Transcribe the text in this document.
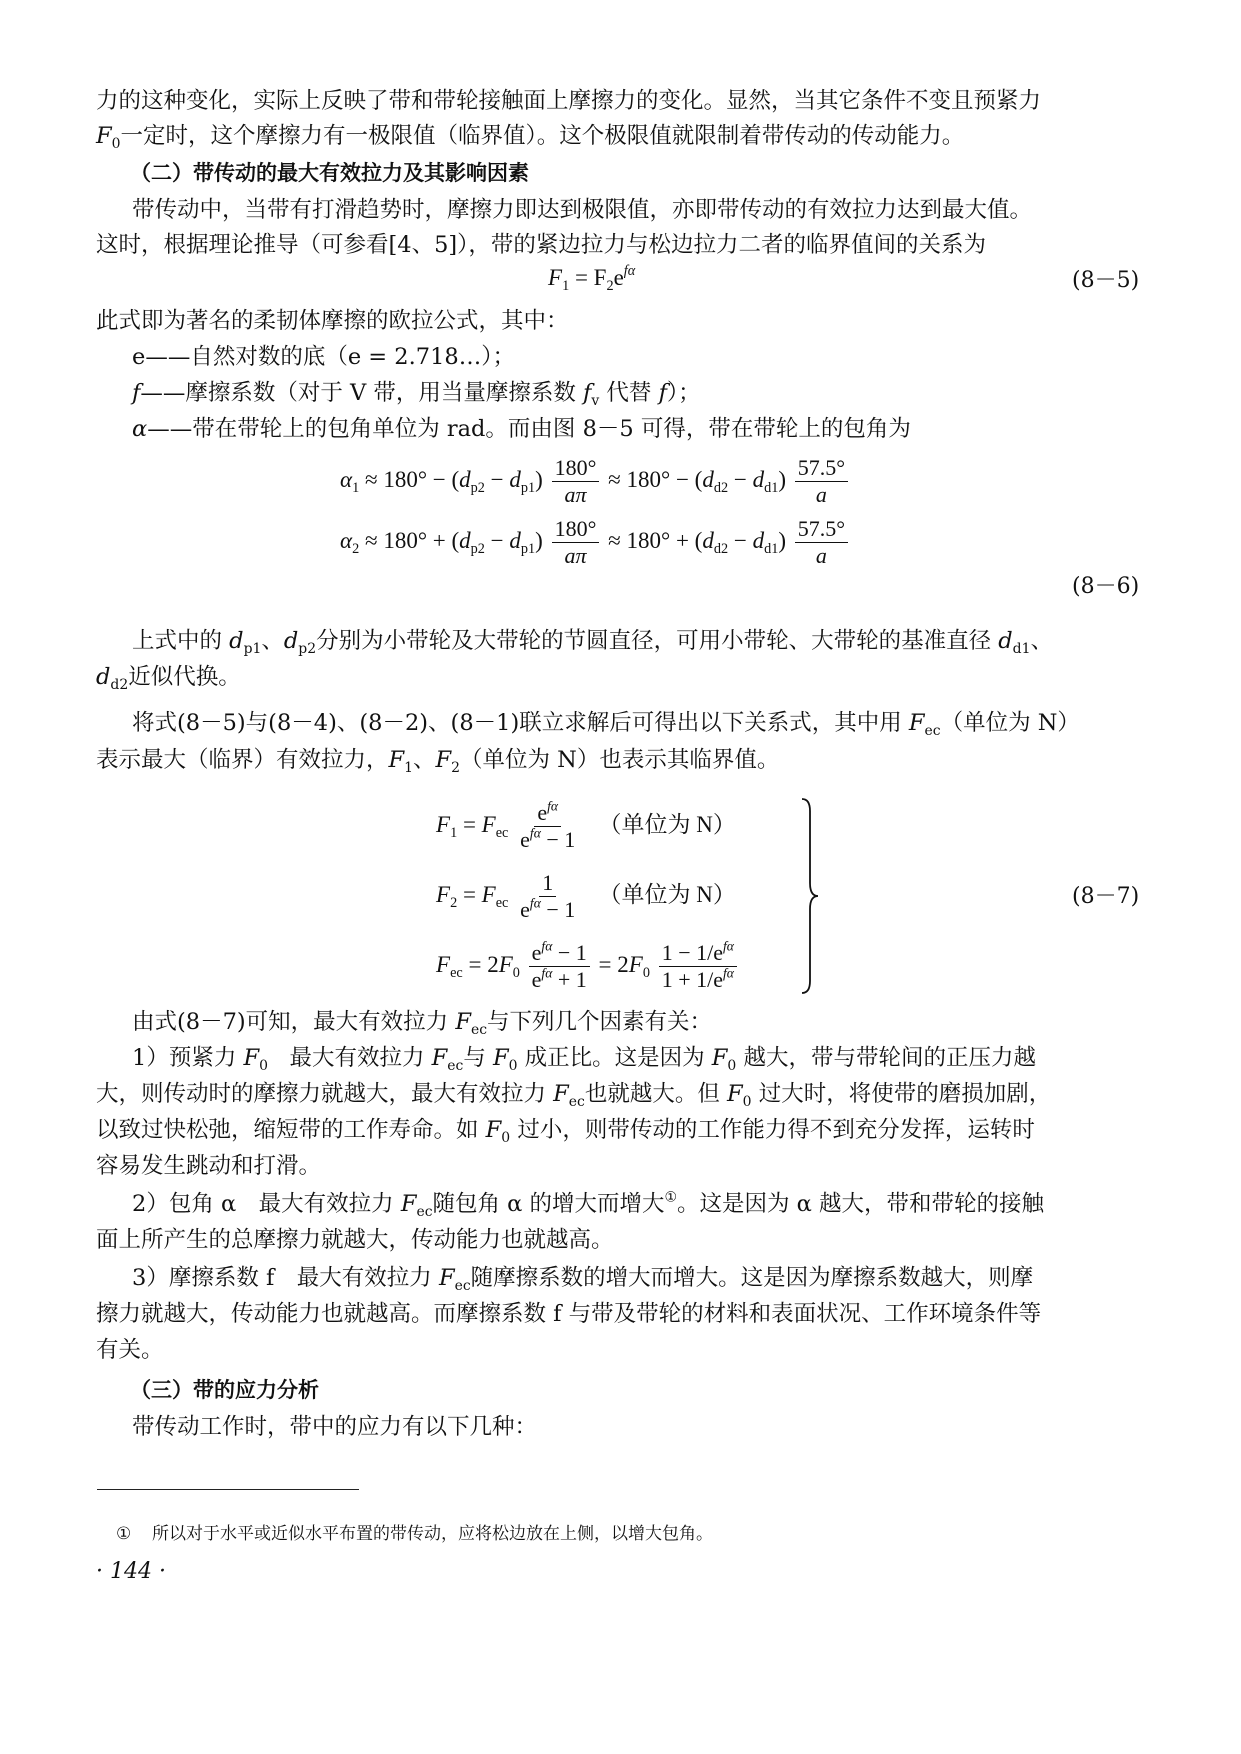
力的这种变化，实际上反映了带和带轮接触面上摩擦力的变化。显然，当其它条件不变且预紧力
$F_0$一定时，这个摩擦力有一极限值（临界值）。这个极限值就限制着带传动的传动能力。
（二）带传动的最大有效拉力及其影响因素
带传动中，当带有打滑趋势时，摩擦力即达到极限值，亦即带传动的有效拉力达到最大值。
这时，根据理论推导（可参看[4、5]），带的紧边拉力与松边拉力二者的临界值间的关系为
$F_1 = F_2e^{f\alpha}$	(8－5)
此式即为著名的柔韧体摩擦的欧拉公式，其中：
e——自然对数的底（e = 2.718…）；
f——摩擦系数（对于 V 带，用当量摩擦系数 $f_v$ 代替 f）；
α——带在带轮上的包角单位为 rad。而由图 8－5 可得，带在带轮上的包角为
$\alpha_1 \approx 180^\circ - (d_{p2} - d_{p1}) \frac{180^\circ}{a\pi} \approx 180^\circ - (d_{d2} - d_{d1}) \frac{57.5^\circ}{a}$
$\alpha_2 \approx 180^\circ + (d_{p2} - d_{p1}) \frac{180^\circ}{a\pi} \approx 180^\circ + (d_{d2} - d_{d1}) \frac{57.5^\circ}{a}$
(8－6)
上式中的 $d_{p1}$、$d_{p2}$分别为小带轮及大带轮的节圆直径，可用小带轮、大带轮的基准直径 $d_{d1}$、
$d_{d2}$近似代换。
将式(8－5)与(8－4)、(8－2)、(8－1)联立求解后可得出以下关系式，其中用 $F_{ec}$（单位为 N）
表示最大（临界）有效拉力，$F_1$、$F_2$（单位为 N）也表示其临界值。
$F_1 = F_{ec} \frac{e^{f\alpha}}{e^{f\alpha} - 1}$ （单位为 N）
$F_2 = F_{ec} \frac{1}{e^{f\alpha} - 1}$ （单位为 N）
$F_{ec} = 2F_0 \frac{e^{f\alpha} - 1}{e^{f\alpha} + 1} = 2F_0 \frac{1 - 1/e^{f\alpha}}{1 + 1/e^{f\alpha}}$
(8－7)
由式(8－7)可知，最大有效拉力 $F_{ec}$与下列几个因素有关：
1）预紧力 $F_0$ 最大有效拉力 $F_{ec}$与 $F_0$ 成正比。这是因为 $F_0$ 越大，带与带轮间的正压力越
大，则传动时的摩擦力就越大，最大有效拉力 $F_{ec}$也就越大。但 $F_0$ 过大时，将使带的磨损加剧，
以致过快松弛，缩短带的工作寿命。如 $F_0$ 过小，则带传动的工作能力得不到充分发挥，运转时
容易发生跳动和打滑。
2）包角 α　最大有效拉力 $F_{ec}$随包角 α 的增大而增大①。这是因为 α 越大，带和带轮的接触
面上所产生的总摩擦力就越大，传动能力也就越高。
3）摩擦系数 f　最大有效拉力 $F_{ec}$随摩擦系数的增大而增大。这是因为摩擦系数越大，则摩
擦力就越大，传动能力也就越高。而摩擦系数 f 与带及带轮的材料和表面状况、工作环境条件等
有关。
（三）带的应力分析
带传动工作时，带中的应力有以下几种：
① 所以对于水平或近似水平布置的带传动，应将松边放在上侧，以增大包角。
· 144 ·
